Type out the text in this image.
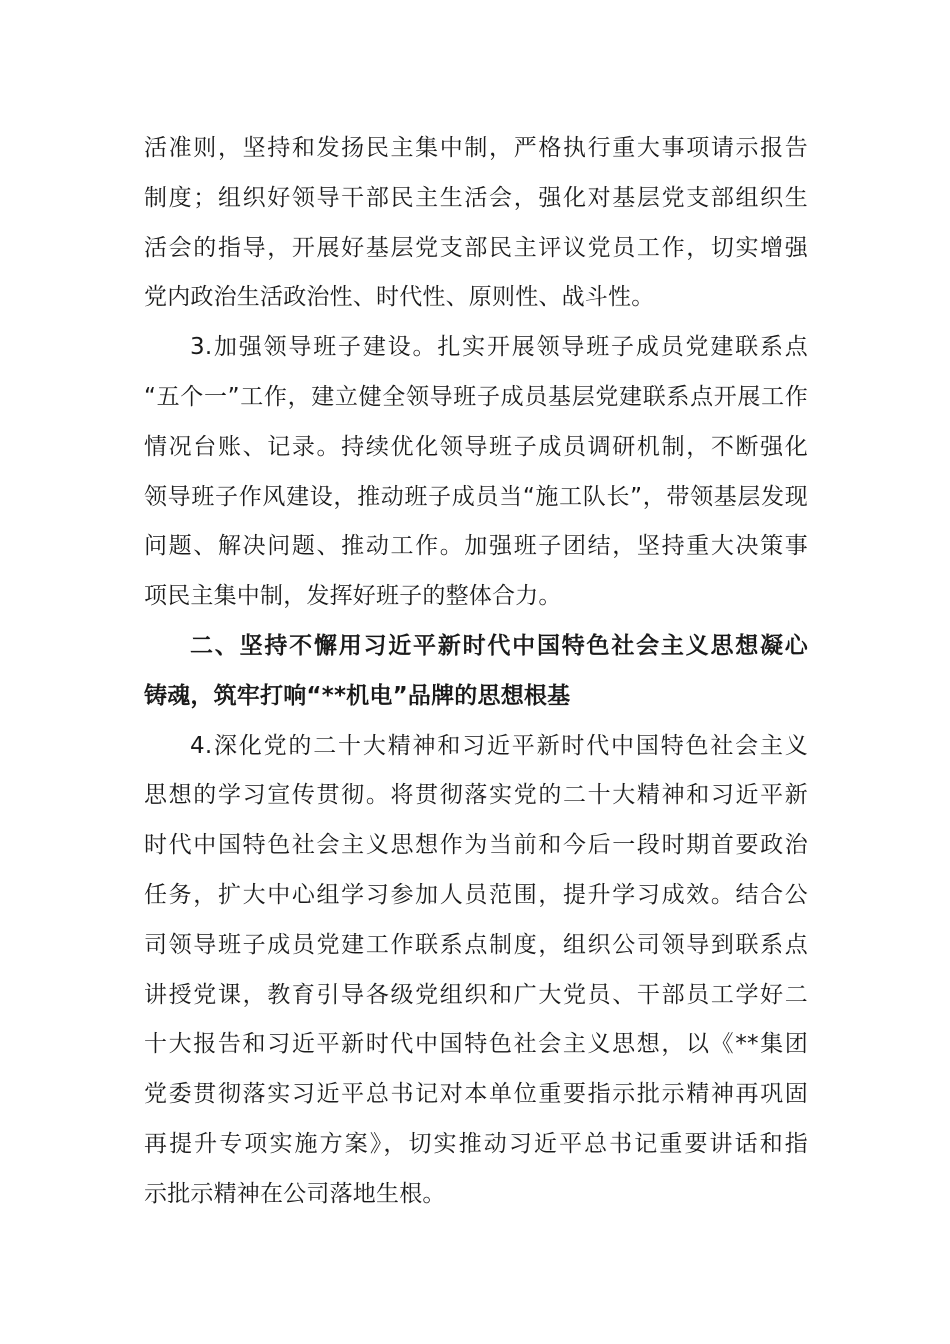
活准则，坚持和发扬民主集中制，严格执行重大事项请示报告
制度；组织好领导干部民主生活会，强化对基层党支部组织生
活会的指导，开展好基层党支部民主评议党员工作，切实增强
党内政治生活政治性、时代性、原则性、战斗性。
3.加强领导班子建设。扎实开展领导班子成员党建联系点
“五个一”工作，建立健全领导班子成员基层党建联系点开展工作
情况台账、记录。持续优化领导班子成员调研机制，不断强化
领导班子作风建设，推动班子成员当“施工队长”，带领基层发现
问题、解决问题、推动工作。加强班子团结，坚持重大决策事
项民主集中制，发挥好班子的整体合力。
二、坚持不懈用习近平新时代中国特色社会主义思想凝心
铸魂，筑牢打响“**机电”品牌的思想根基
4.深化党的二十大精神和习近平新时代中国特色社会主义
思想的学习宣传贯彻。将贯彻落实党的二十大精神和习近平新
时代中国特色社会主义思想作为当前和今后一段时期首要政治
任务，扩大中心组学习参加人员范围，提升学习成效。结合公
司领导班子成员党建工作联系点制度，组织公司领导到联系点
讲授党课，教育引导各级党组织和广大党员、干部员工学好二
十大报告和习近平新时代中国特色社会主义思想，以《**集团
党委贯彻落实习近平总书记对本单位重要指示批示精神再巩固
再提升专项实施方案》，切实推动习近平总书记重要讲话和指
示批示精神在公司落地生根。
